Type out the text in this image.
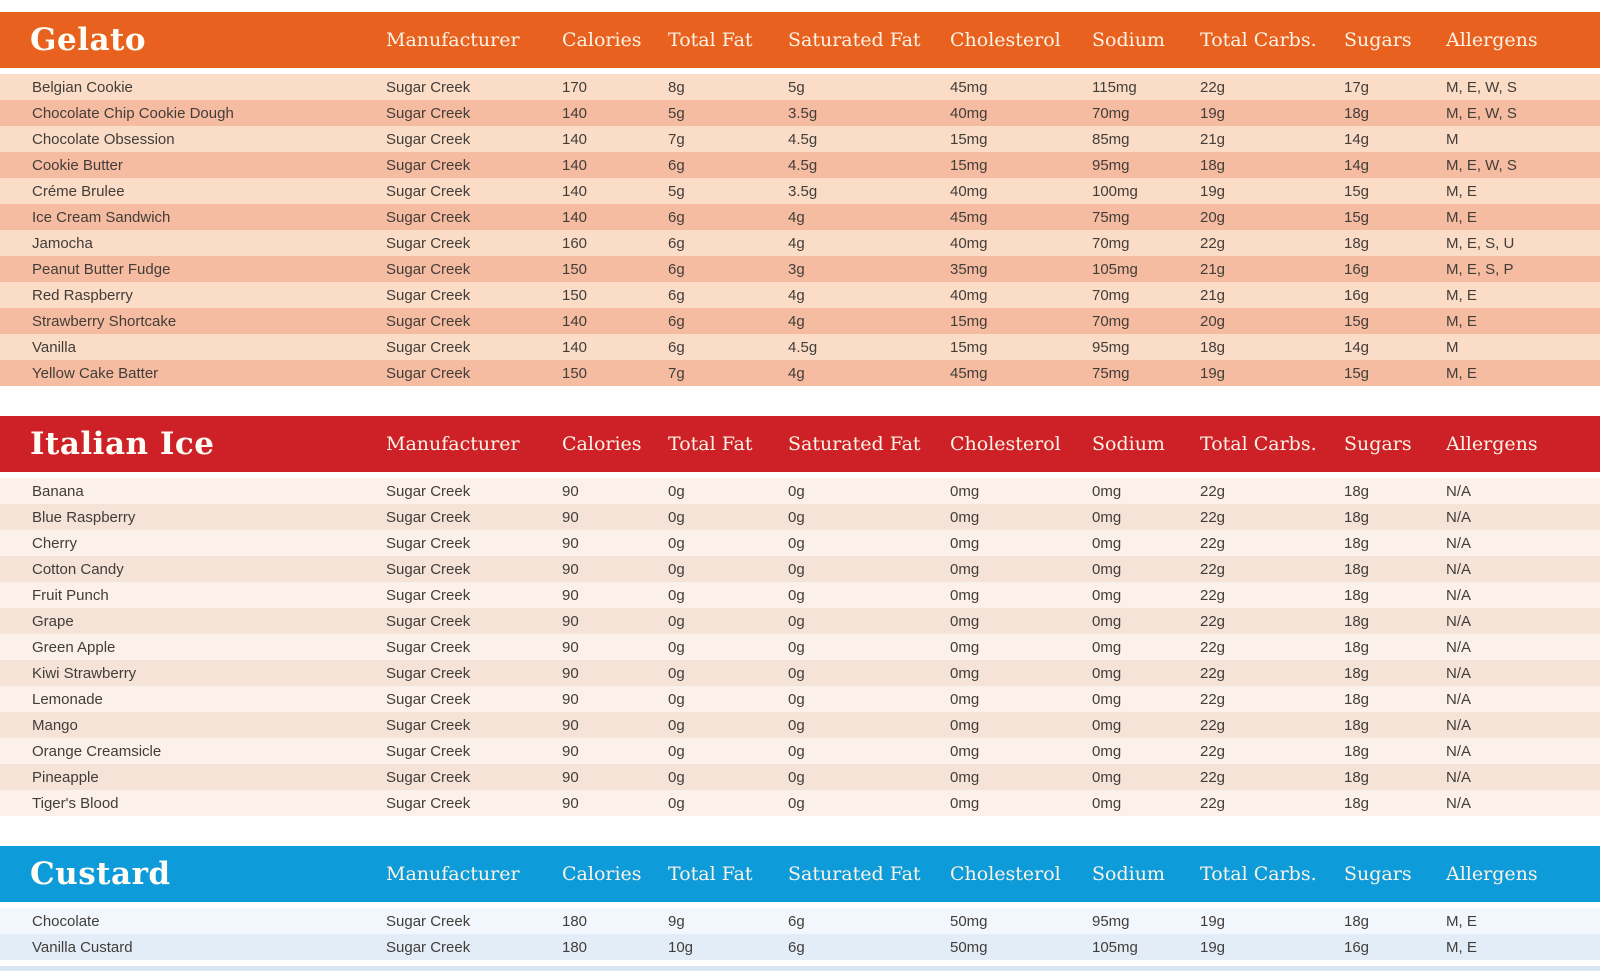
Gelato	Manufacturer	Calories	Total Fat	Saturated Fat	Cholesterol	Sodium	Total Carbs.	Sugars	Allergens
Belgian Cookie	Sugar Creek	170	8g	5g	45mg	115mg	22g	17g	M, E, W, S
Chocolate Chip Cookie Dough	Sugar Creek	140	5g	3.5g	40mg	70mg	19g	18g	M, E, W, S
Chocolate Obsession	Sugar Creek	140	7g	4.5g	15mg	85mg	21g	14g	M
Cookie Butter	Sugar Creek	140	6g	4.5g	15mg	95mg	18g	14g	M, E, W, S
Créme Brulee	Sugar Creek	140	5g	3.5g	40mg	100mg	19g	15g	M, E
Ice Cream Sandwich	Sugar Creek	140	6g	4g	45mg	75mg	20g	15g	M, E
Jamocha	Sugar Creek	160	6g	4g	40mg	70mg	22g	18g	M, E, S, U
Peanut Butter Fudge	Sugar Creek	150	6g	3g	35mg	105mg	21g	16g	M, E, S, P
Red Raspberry	Sugar Creek	150	6g	4g	40mg	70mg	21g	16g	M, E
Strawberry Shortcake	Sugar Creek	140	6g	4g	15mg	70mg	20g	15g	M, E
Vanilla	Sugar Creek	140	6g	4.5g	15mg	95mg	18g	14g	M
Yellow Cake Batter	Sugar Creek	150	7g	4g	45mg	75mg	19g	15g	M, E
Italian Ice	Manufacturer	Calories	Total Fat	Saturated Fat	Cholesterol	Sodium	Total Carbs.	Sugars	Allergens
Banana	Sugar Creek	90	0g	0g	0mg	0mg	22g	18g	N/A
Blue Raspberry	Sugar Creek	90	0g	0g	0mg	0mg	22g	18g	N/A
Cherry	Sugar Creek	90	0g	0g	0mg	0mg	22g	18g	N/A
Cotton Candy	Sugar Creek	90	0g	0g	0mg	0mg	22g	18g	N/A
Fruit Punch	Sugar Creek	90	0g	0g	0mg	0mg	22g	18g	N/A
Grape	Sugar Creek	90	0g	0g	0mg	0mg	22g	18g	N/A
Green Apple	Sugar Creek	90	0g	0g	0mg	0mg	22g	18g	N/A
Kiwi Strawberry	Sugar Creek	90	0g	0g	0mg	0mg	22g	18g	N/A
Lemonade	Sugar Creek	90	0g	0g	0mg	0mg	22g	18g	N/A
Mango	Sugar Creek	90	0g	0g	0mg	0mg	22g	18g	N/A
Orange Creamsicle	Sugar Creek	90	0g	0g	0mg	0mg	22g	18g	N/A
Pineapple	Sugar Creek	90	0g	0g	0mg	0mg	22g	18g	N/A
Tiger's Blood	Sugar Creek	90	0g	0g	0mg	0mg	22g	18g	N/A
Custard	Manufacturer	Calories	Total Fat	Saturated Fat	Cholesterol	Sodium	Total Carbs.	Sugars	Allergens
Chocolate	Sugar Creek	180	9g	6g	50mg	95mg	19g	18g	M, E
Vanilla Custard	Sugar Creek	180	10g	6g	50mg	105mg	19g	16g	M, E
